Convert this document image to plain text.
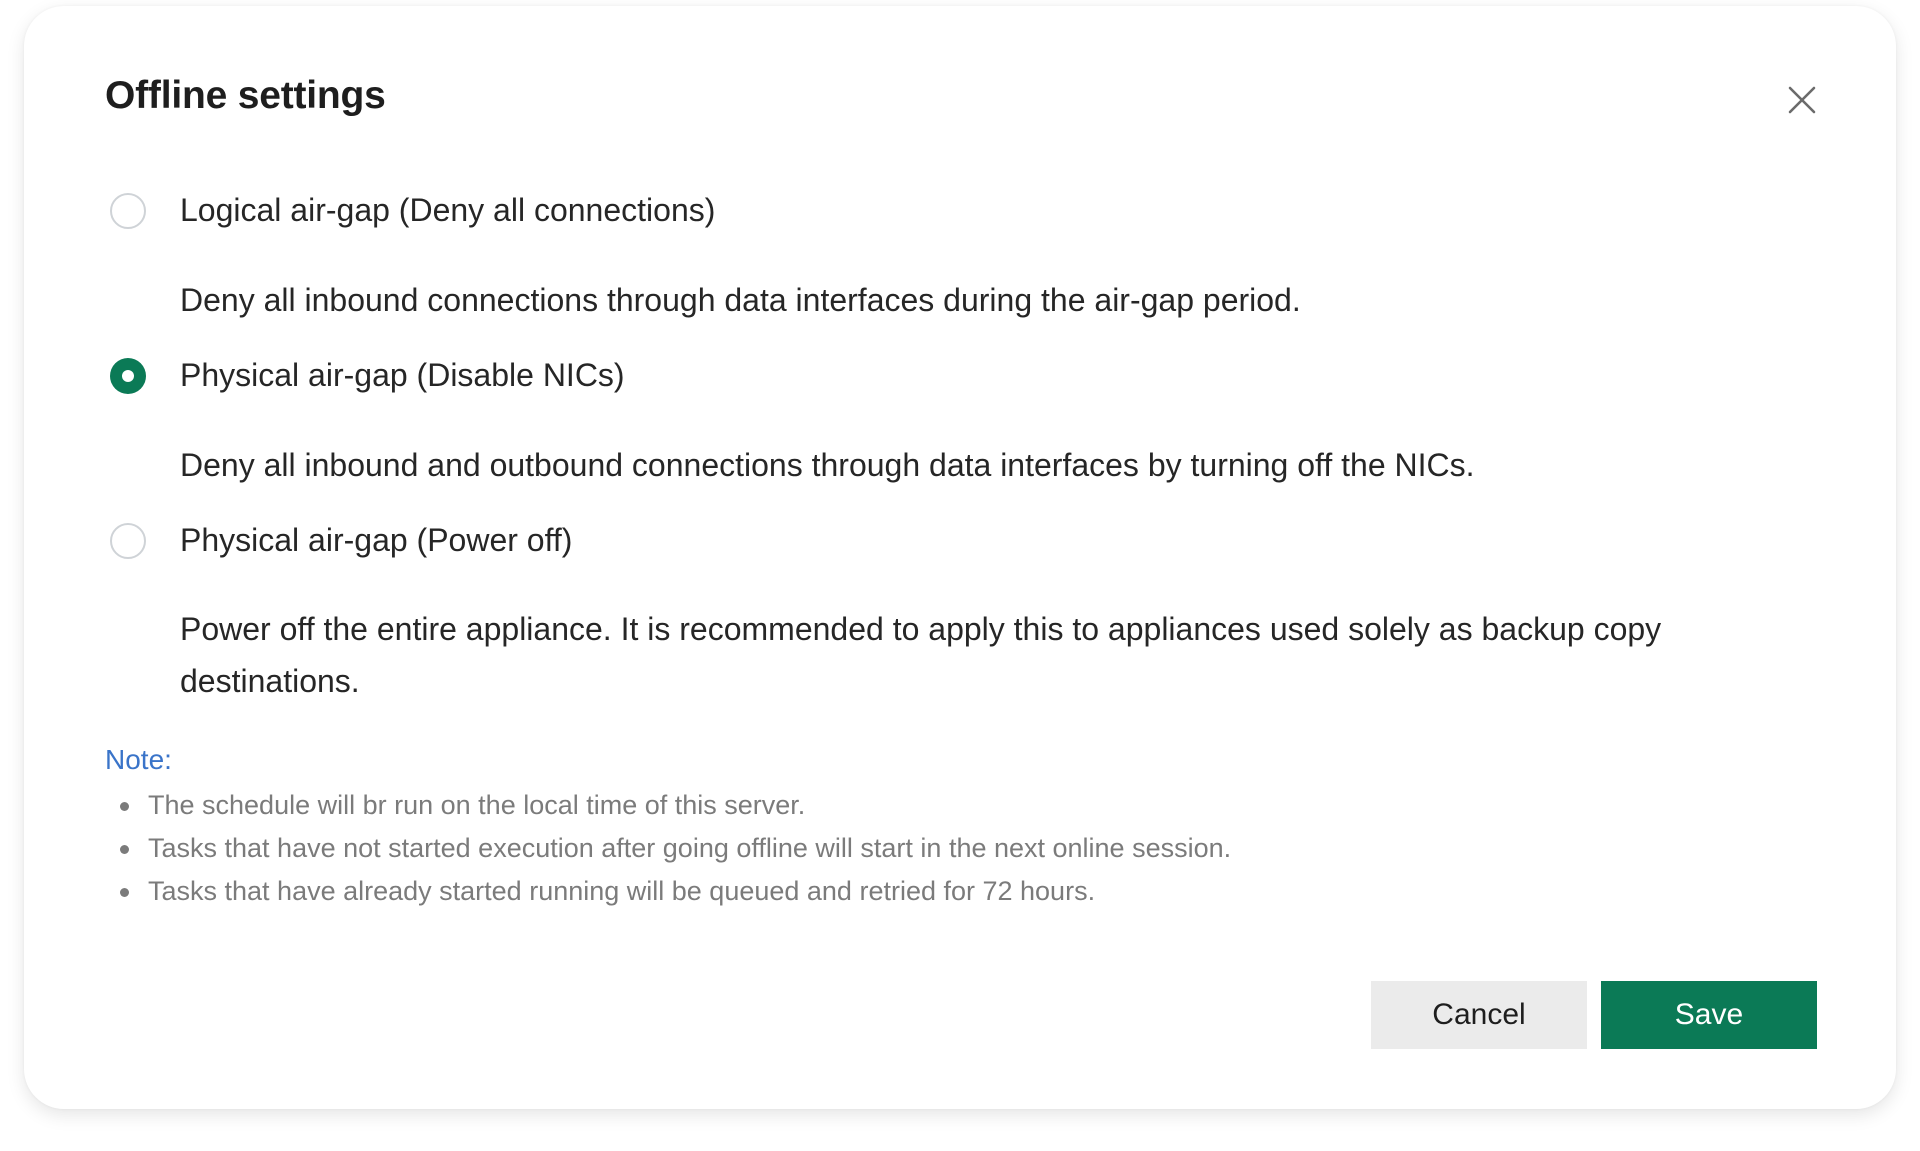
Offline settings
Logical air-gap (Deny all connections)
Deny all inbound connections through data interfaces during the air-gap period.
Physical air-gap (Disable NICs)
Deny all inbound and outbound connections through data interfaces by turning off the NICs.
Physical air-gap (Power off)
Power off the entire appliance. It is recommended to apply this to appliances used solely as backup copy destinations.
Note:
The schedule will br run on the local time of this server.
Tasks that have not started execution after going offline will start in the next online session.
Tasks that have already started running will be queued and retried for 72 hours.
Cancel	Save
